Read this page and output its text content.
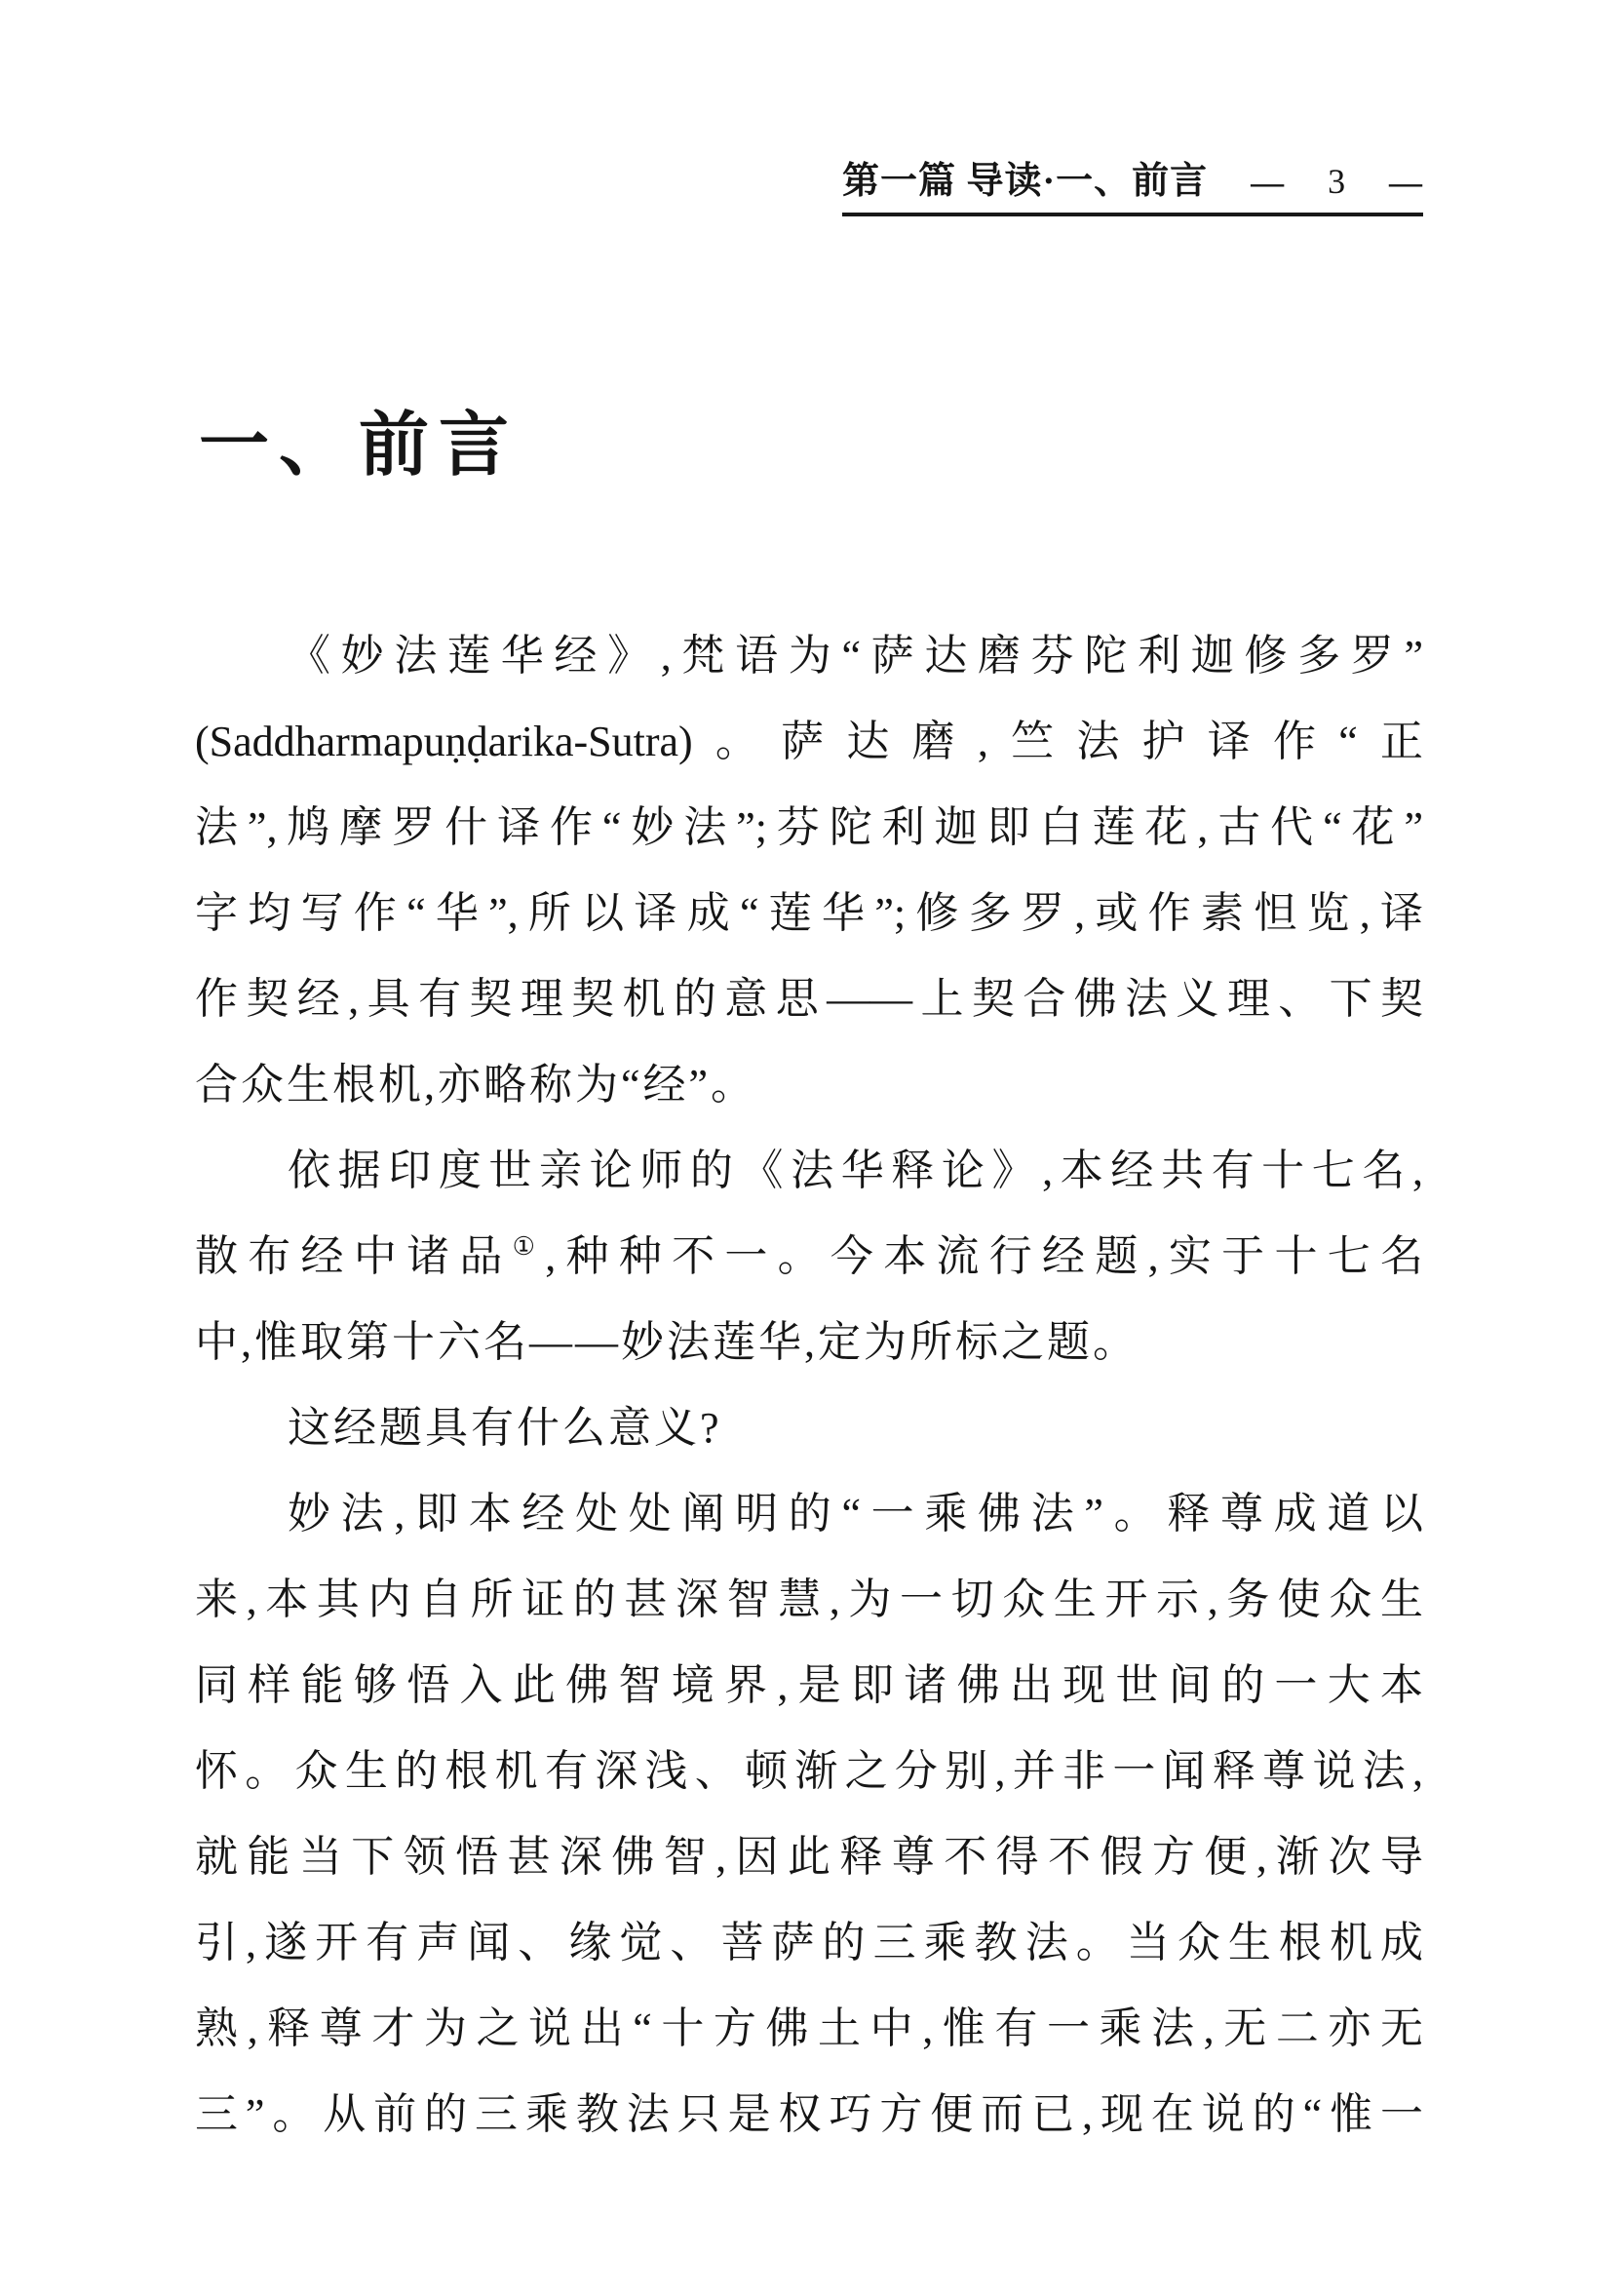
第一篇 导读·一、前言 — 3 —
一、前言
《妙法莲华经》,梵语为“萨达磨芬陀利迦修多罗”
(Saddharmapuṇḍarika-Sutra)。萨达磨,竺法护译作“正
法”,鸠摩罗什译作“妙法”;芬陀利迦即白莲花,古代“花”
字均写作“华”,所以译成“莲华”;修多罗,或作素怛览,译
作契经,具有契理契机的意思——上契合佛法义理、下契
合众生根机,亦略称为“经”。
依据印度世亲论师的《法华释论》,本经共有十七名,
散布经中诸品①,种种不一。今本流行经题,实于十七名
中,惟取第十六名——妙法莲华,定为所标之题。
这经题具有什么意义?
妙法,即本经处处阐明的“一乘佛法”。释尊成道以
来,本其内自所证的甚深智慧,为一切众生开示,务使众生
同样能够悟入此佛智境界,是即诸佛出现世间的一大本
怀。众生的根机有深浅、顿渐之分别,并非一闻释尊说法,
就能当下领悟甚深佛智,因此释尊不得不假方便,渐次导
引,遂开有声闻、缘觉、菩萨的三乘教法。当众生根机成
熟,释尊才为之说出“十方佛土中,惟有一乘法,无二亦无
三”。从前的三乘教法只是权巧方便而已,现在说的“惟一
